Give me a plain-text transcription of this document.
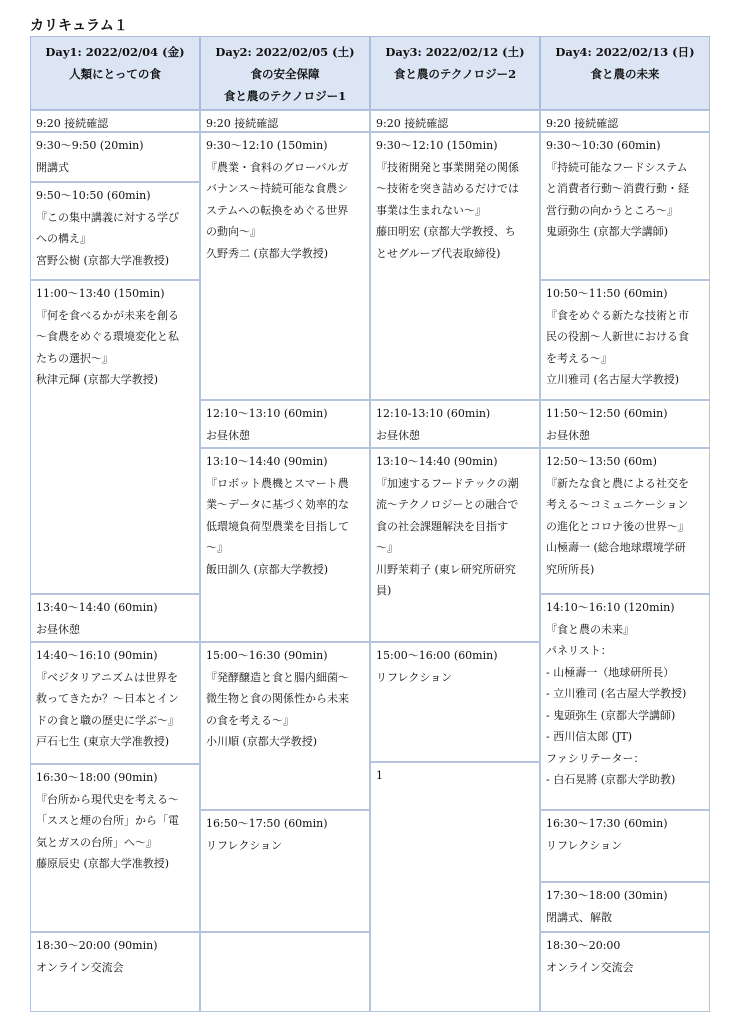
カリキュラム１
Day1: 2022/02/04 (金)
人類にとっての食
Day2: 2022/02/05 (土)
食の安全保障
食と農のテクノロジー1
Day3: 2022/02/12 (土)
食と農のテクノロジー2
Day4: 2022/02/13 (日)
食と農の未来
9:20 接続確認
9:30〜9:50 (20min)
開講式
9:50〜10:50 (60min)
『この集中講義に対する学び
への構え』
宮野公樹 (京都大学准教授)
11:00〜13:40 (150min)
『何を食べるかが未来を創る
〜食農をめぐる環境変化と私
たちの選択〜』
秋津元輝 (京都大学教授)
13:40〜14:40 (60min)
お昼休憩
14:40〜16:10 (90min)
『ベジタリアニズムは世界を
救ってきたか？〜日本とイン
ドの食と職の歴史に学ぶ〜』
戸石七生 (東京大学准教授)
16:30〜18:00 (90min)
『台所から現代史を考える〜
「ススと煙の台所」から「電
気とガスの台所」へ〜』
藤原辰史 (京都大学准教授)
18:30〜20:00 (90min)
オンライン交流会
9:20 接続確認
9:30〜12:10 (150min)
『農業・食料のグローバルガ
バナンス〜持続可能な食農シ
ステムへの転換をめぐる世界
の動向〜』
久野秀二 (京都大学教授)
12:10〜13:10 (60min)
お昼休憩
13:10〜14:40 (90min)
『ロボット農機とスマート農
業〜データに基づく効率的な
低環境負荷型農業を目指して
〜』
飯田訓久 (京都大学教授)
15:00〜16:30 (90min)
『発酵醸造と食と腸内細菌〜
微生物と食の関係性から未来
の食を考える〜』
小川順 (京都大学教授)
16:50〜17:50 (60min)
リフレクション
9:20 接続確認
9:30〜12:10 (150min)
『技術開発と事業開発の関係
〜技術を突き詰めるだけでは
事業は生まれない〜』
藤田明宏 (京都大学教授、ち
とせグループ代表取締役)
12:10-13:10 (60min)
お昼休憩
13:10〜14:40 (90min)
『加速するフードテックの潮
流〜テクノロジーとの融合で
食の社会課題解決を目指す
〜』
川野茉莉子 (東レ研究所研究
員)
15:00〜16:00 (60min)
リフレクション
1
9:20 接続確認
9:30〜10:30 (60min)
『持続可能なフードシステム
と消費者行動〜消費行動・経
営行動の向かうところ〜』
鬼頭弥生 (京都大学講師)
10:50〜11:50 (60min)
『食をめぐる新たな技術と市
民の役割〜人新世における食
を考える〜』
立川雅司 (名古屋大学教授)
11:50〜12:50 (60min)
お昼休憩
12:50〜13:50 (60m)
『新たな食と農による社交を
考える〜コミュニケーション
の進化とコロナ後の世界〜』
山極壽一 (総合地球環境学研
究所所長)
14:10〜16:10 (120min)
『食と農の未来』
パネリスト：
- 山極壽一（地球研所長）
- 立川雅司 (名古屋大学教授)
- 鬼頭弥生 (京都大学講師)
- 西川信太郎 (JT)
ファシリテーター：
- 白石晃將 (京都大学助教)
16:30〜17:30 (60min)
リフレクション
17:30〜18:00 (30min)
閉講式、解散
18:30〜20:00
オンライン交流会
